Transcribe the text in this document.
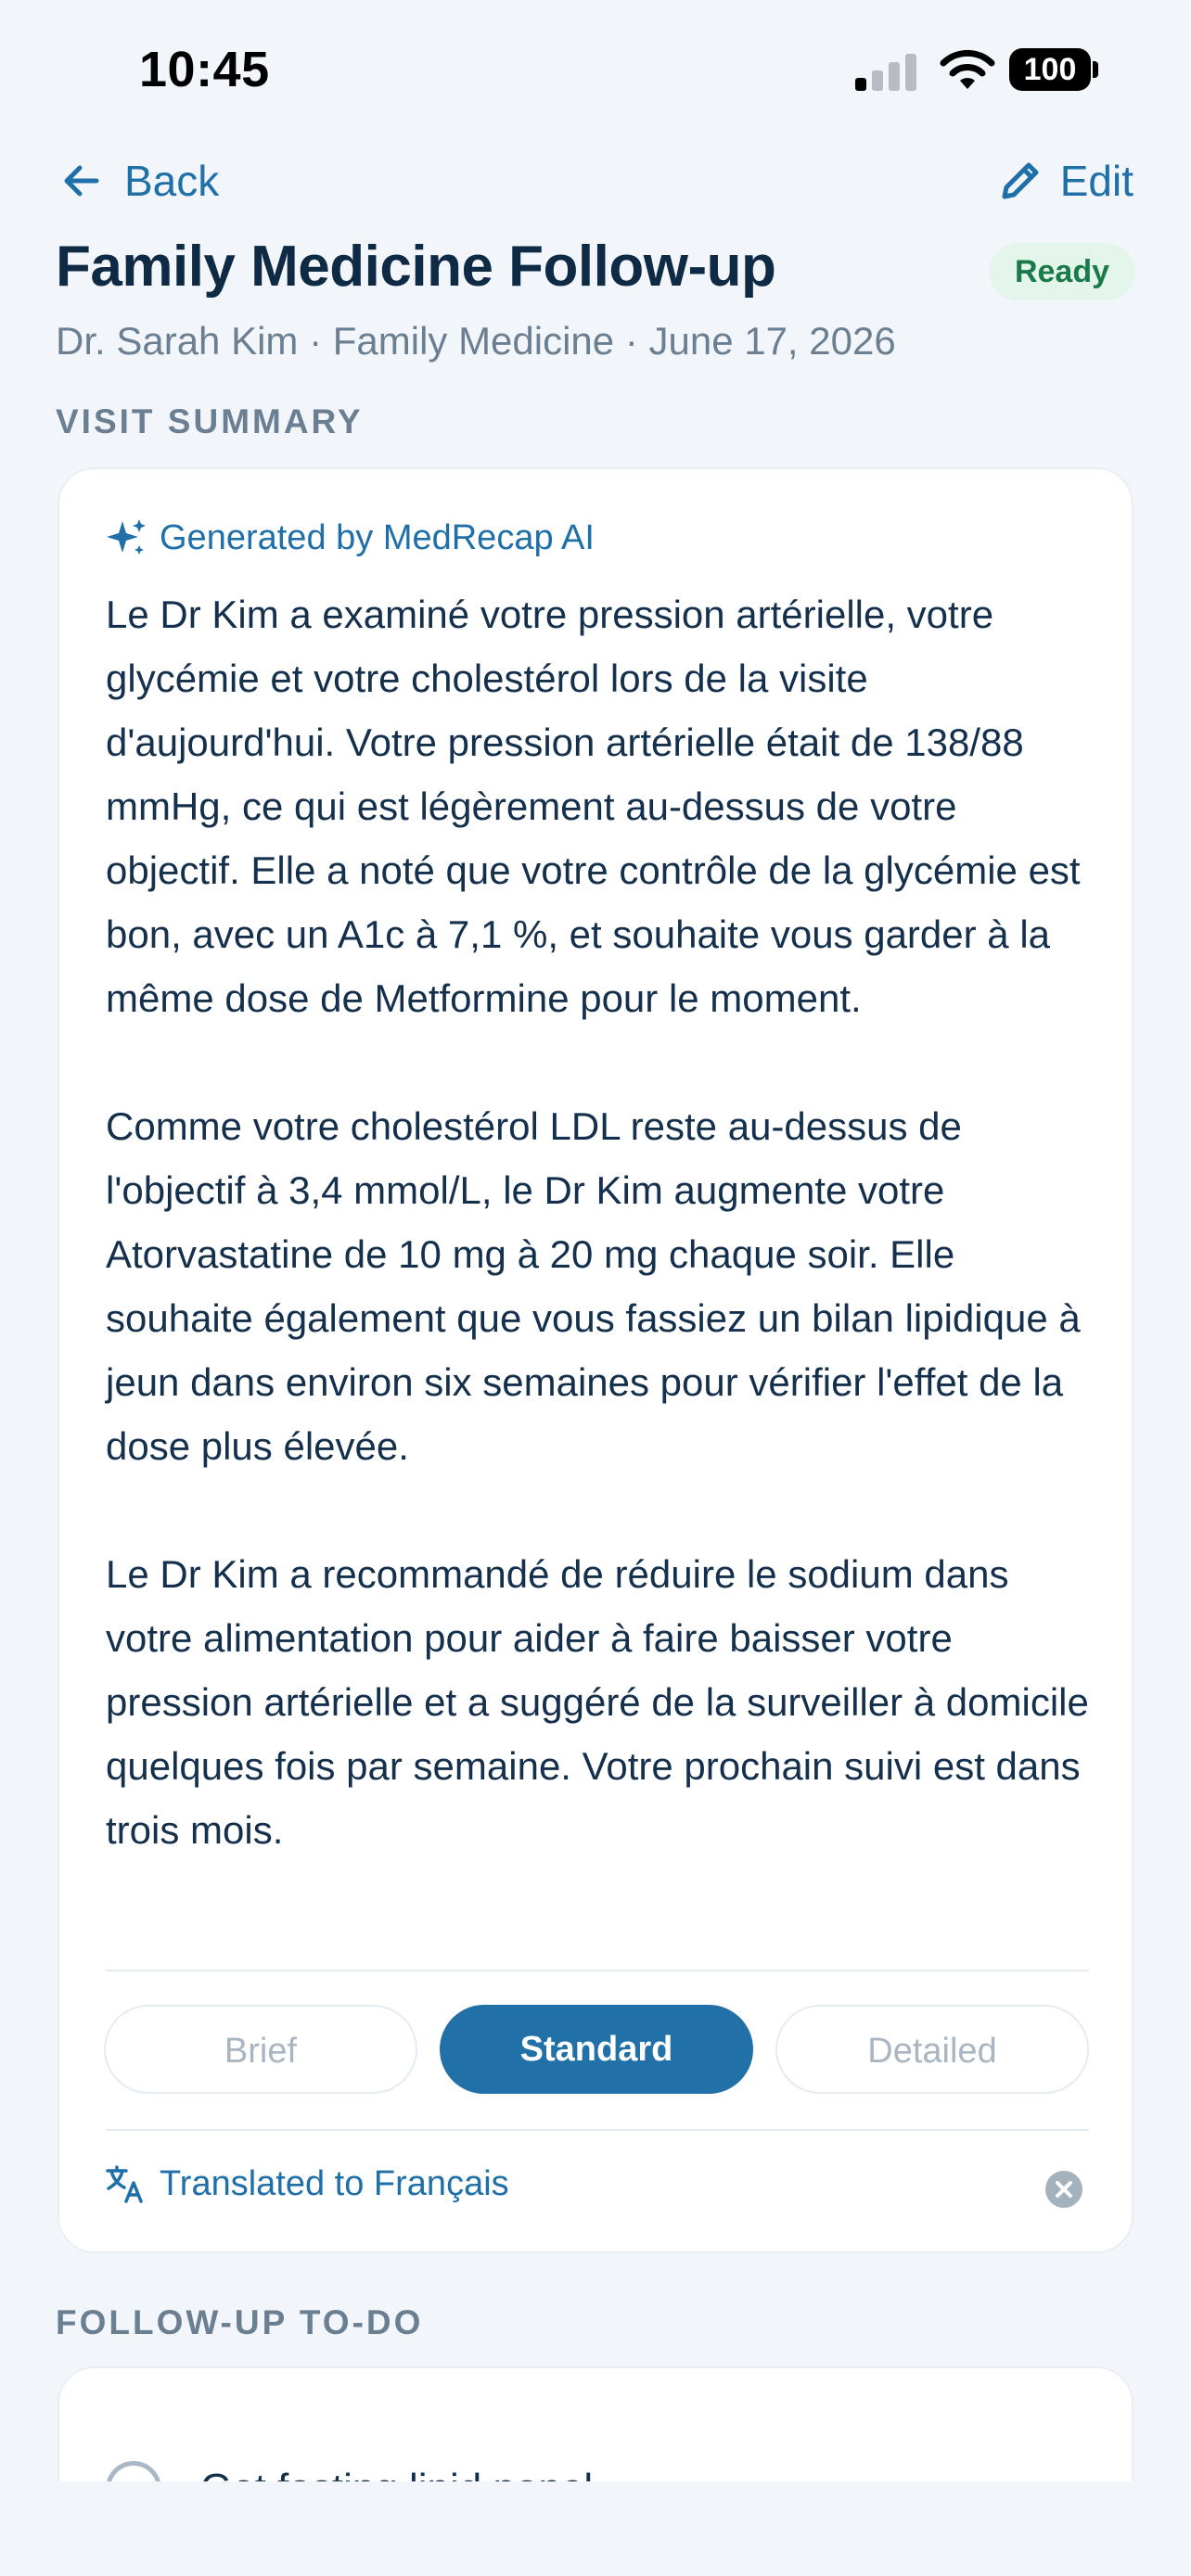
10:45	100
Back	Edit
Family Medicine Follow-up	Ready
Dr. Sarah Kim · Family Medicine · June 17, 2026
VISIT SUMMARY
Generated by MedRecap AI

Le Dr Kim a examiné votre pression artérielle, votre glycémie et votre cholestérol lors de la visite d'aujourd'hui. Votre pression artérielle était de 138/88 mmHg, ce qui est légèrement au-dessus de votre objectif. Elle a noté que votre contrôle de la glycémie est bon, avec un A1c à 7,1 %, et souhaite vous garder à la même dose de Metformine pour le moment.

Comme votre cholestérol LDL reste au-dessus de l'objectif à 3,4 mmol/L, le Dr Kim augmente votre Atorvastatine de 10 mg à 20 mg chaque soir. Elle souhaite également que vous fassiez un bilan lipidique à jeun dans environ six semaines pour vérifier l'effet de la dose plus élevée.

Le Dr Kim a recommandé de réduire le sodium dans votre alimentation pour aider à faire baisser votre pression artérielle et a suggéré de la surveiller à domicile quelques fois par semaine. Votre prochain suivi est dans trois mois.

Brief	Standard	Detailed
Translated to Français
FOLLOW-UP TO-DO
